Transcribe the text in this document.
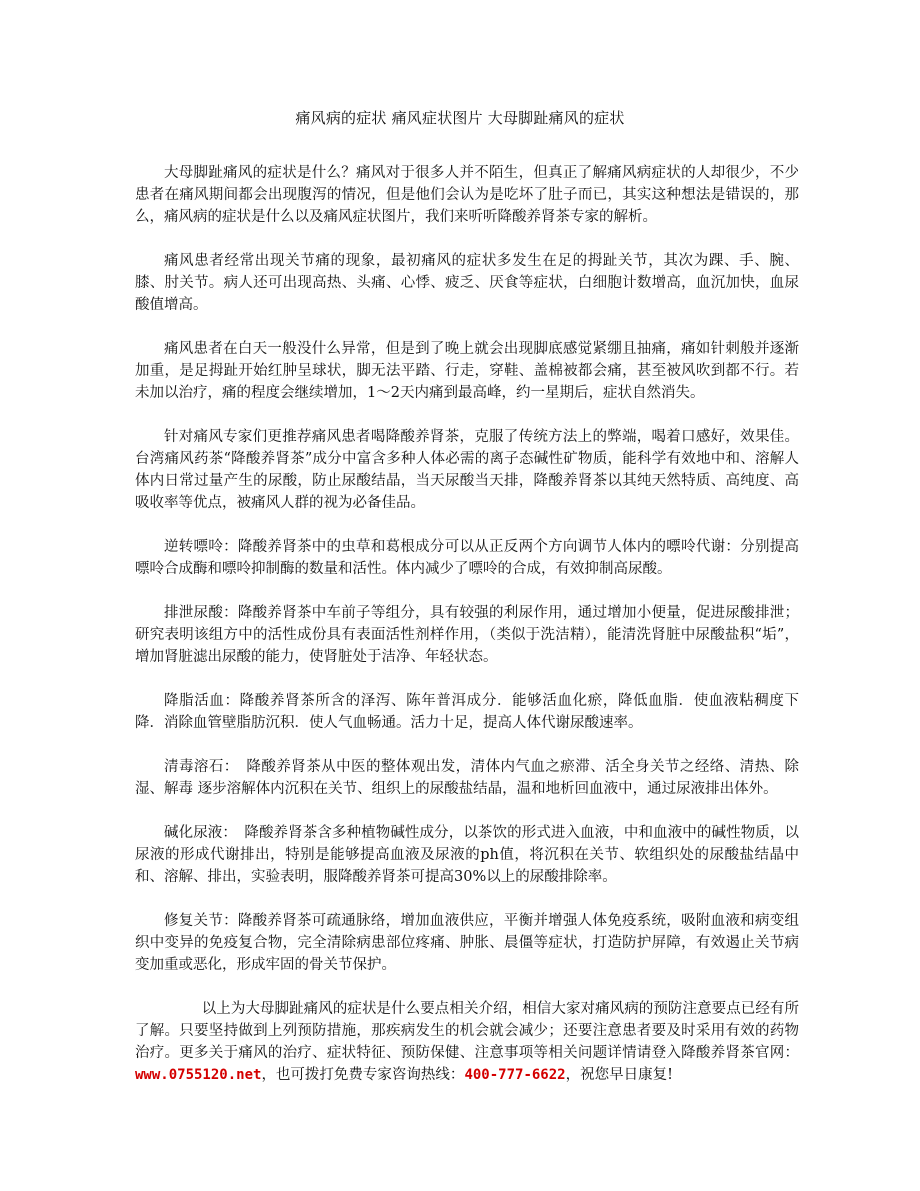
痛风病的症状 痛风症状图片 大母脚趾痛风的症状

大母脚趾痛风的症状是什么？痛风对于很多人并不陌生，但真正了解痛风病症状的人却很少，不少患者在痛风期间都会出现腹泻的情况，但是他们会认为是吃坏了肚子而已，其实这种想法是错误的，那么，痛风病的症状是什么以及痛风症状图片，我们来听听降酸养肾茶专家的解析。

痛风患者经常出现关节痛的现象，最初痛风的症状多发生在足的拇趾关节，其次为踝、手、腕、膝、肘关节。病人还可出现高热、头痛、心悸、疲乏、厌食等症状，白细胞计数增高，血沉加快，血尿酸值增高。

痛风患者在白天一般没什么异常，但是到了晚上就会出现脚底感觉紧绷且抽痛，痛如针刺般并逐渐加重，是足拇趾开始红肿呈球状，脚无法平踏、行走，穿鞋、盖棉被都会痛，甚至被风吹到都不行。若未加以治疗，痛的程度会继续增加，1～2天内痛到最高峰，约一星期后，症状自然消失。

针对痛风专家们更推荐痛风患者喝降酸养肾茶，克服了传统方法上的弊端，喝着口感好，效果佳。台湾痛风药茶“降酸养肾茶”成分中富含多种人体必需的离子态碱性矿物质，能科学有效地中和、溶解人体内日常过量产生的尿酸，防止尿酸结晶，当天尿酸当天排，降酸养肾茶以其纯天然特质、高纯度、高吸收率等优点，被痛风人群的视为必备佳品。

逆转嘌呤：降酸养肾茶中的虫草和葛根成分可以从正反两个方向调节人体内的嘌呤代谢：分别提高嘌呤合成酶和嘌呤抑制酶的数量和活性。体内减少了嘌呤的合成，有效抑制高尿酸。

排泄尿酸：降酸养肾茶中车前子等组分，具有较强的利尿作用，通过增加小便量，促进尿酸排泄；研究表明该组方中的活性成份具有表面活性剂样作用，（类似于洗洁精），能清洗肾脏中尿酸盐积“垢”，增加肾脏滤出尿酸的能力，使肾脏处于洁净、年轻状态。

降脂活血：降酸养肾茶所含的泽泻、陈年普洱成分．能够活血化瘀，降低血脂．使血液粘稠度下降．消除血管壁脂肪沉积．使人气血畅通。活力十足，提高人体代谢尿酸速率。

清毒溶石：　降酸养肾茶从中医的整体观出发，清体内气血之瘀滞、活全身关节之经络、清热、除湿、解毒 逐步溶解体内沉积在关节、组织上的尿酸盐结晶，温和地析回血液中，通过尿液排出体外。

碱化尿液：　降酸养肾茶含多种植物碱性成分，以茶饮的形式进入血液，中和血液中的碱性物质，以尿液的形成代谢排出，特别是能够提高血液及尿液的ph值，将沉积在关节、软组织处的尿酸盐结晶中和、溶解、排出，实验表明，服降酸养肾茶可提高30%以上的尿酸排除率。

修复关节：降酸养肾茶可疏通脉络，增加血液供应，平衡并增强人体免疫系统，吸附血液和病变组织中变异的免疫复合物，完全清除病患部位疼痛、肿胀、晨僵等症状，打造防护屏障，有效遏止关节病变加重或恶化，形成牢固的骨关节保护。

以上为大母脚趾痛风的症状是什么要点相关介绍，相信大家对痛风病的预防注意要点已经有所了解。只要坚持做到上列预防措施，那疾病发生的机会就会减少；还要注意患者要及时采用有效的药物治疗。更多关于痛风的治疗、症状特征、预防保健、注意事项等相关问题详情请登入降酸养肾茶官网：www.0755120.net，也可拨打免费专家咨询热线：400-777-6622，祝您早日康复!
